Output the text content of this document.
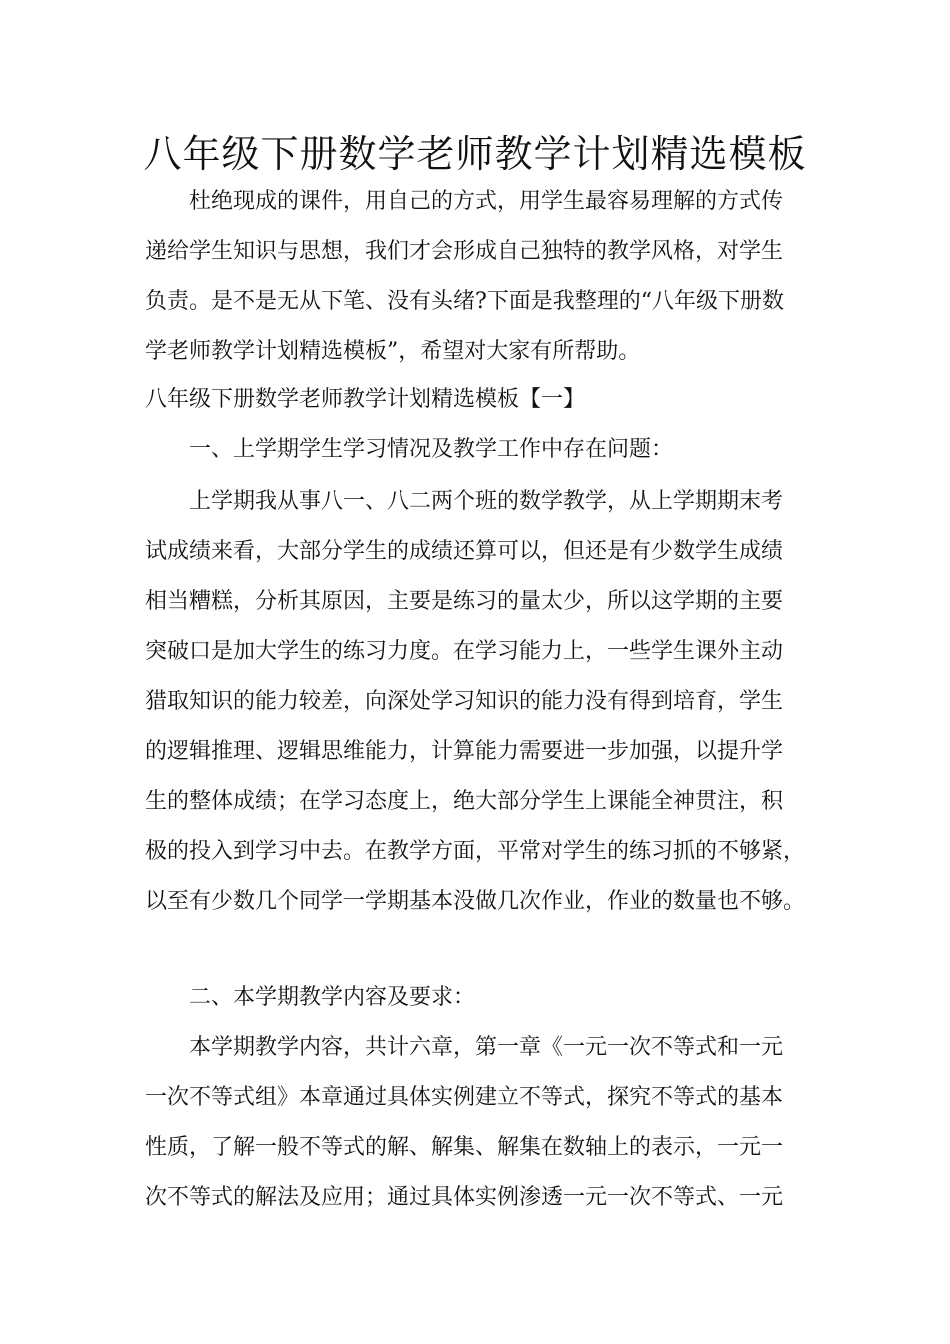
八年级下册数学老师教学计划精选模板
杜绝现成的课件，用自己的方式，用学生最容易理解的方式传
递给学生知识与思想，我们才会形成自己独特的教学风格，对学生
负责。是不是无从下笔、没有头绪?下面是我整理的“八年级下册数
学老师教学计划精选模板”，希望对大家有所帮助。
八年级下册数学老师教学计划精选模板【一】
一、上学期学生学习情况及教学工作中存在问题：
上学期我从事八一、八二两个班的数学教学，从上学期期末考
试成绩来看，大部分学生的成绩还算可以，但还是有少数学生成绩
相当糟糕，分析其原因，主要是练习的量太少，所以这学期的主要
突破口是加大学生的练习力度。在学习能力上，一些学生课外主动
猎取知识的能力较差，向深处学习知识的能力没有得到培育，学生
的逻辑推理、逻辑思维能力，计算能力需要进一步加强，以提升学
生的整体成绩；在学习态度上，绝大部分学生上课能全神贯注，积
极的投入到学习中去。在教学方面，平常对学生的练习抓的不够紧，
以至有少数几个同学一学期基本没做几次作业，作业的数量也不够。
二、本学期教学内容及要求：
本学期教学内容，共计六章，第一章《一元一次不等式和一元
一次不等式组》本章通过具体实例建立不等式，探究不等式的基本
性质，了解一般不等式的解、解集、解集在数轴上的表示，一元一
次不等式的解法及应用；通过具体实例渗透一元一次不等式、一元
